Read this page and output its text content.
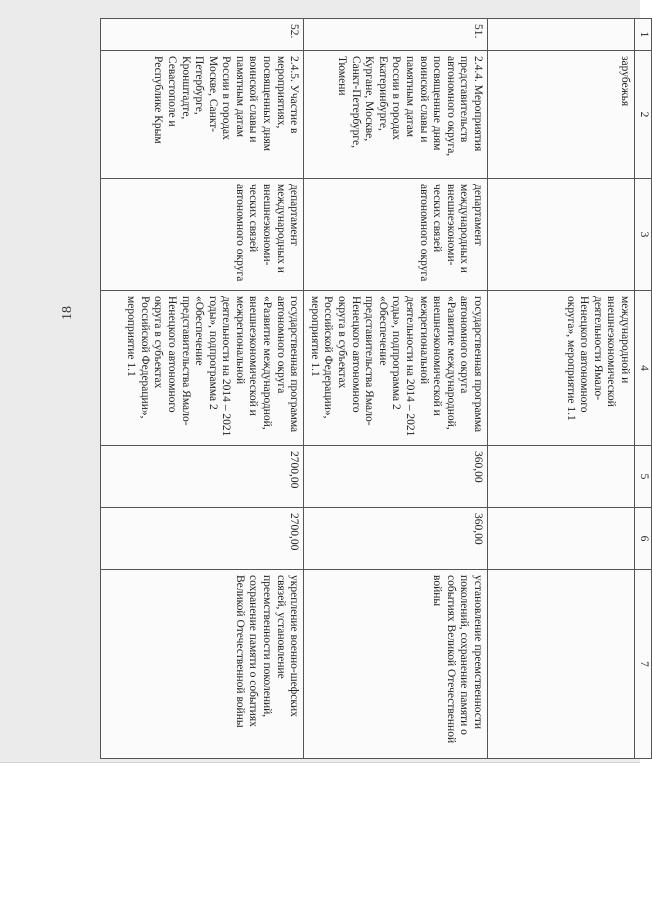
18
1	2	3	4	5	6	7
	зарубежья		международной и внешнеэкономической деятельности Ямало-Ненецкого автономного округа», мероприятие 1.1			
51.	2.4.4. Мероприятия представительств автономного округа, посвященные дням воинской славы и памятным датам России в городах Екатеринбурге, Кургане, Москве, Санкт-Петербурге, Тюмени	департамент международных и внешнеэкономи-ческих связей автономного округа	государственная программа автономного округа «Развитие международной, внешнеэкономической и межрегиональной деятельности на 2014 – 2021 годы», подпрограмма 2 «Обеспечение представительства Ямало-Ненецкого автономного округа в субъектах Российской Федерации», мероприятие 1.1	360,00	360,00	установление преемственности поколений, сохранение памяти о событиях Великой Отечественной войны
52.	2.4.5. Участие в мероприятиях, посвященных дням воинской славы и памятным датам России в городах Москве, Санкт-Петербурге, Кронштадте, Севастополе и Республике Крым	департамент международных и внешнеэкономи-ческих связей автономного округа	государственная программа автономного округа «Развитие международной, внешнеэкономической и межрегиональной деятельности на 2014 – 2021 годы», подпрограмма 2 «Обеспечение представительства Ямало-Ненецкого автономного округа в субъектах Российской Федерации», мероприятие 1.1	2700,00	2700,00	укрепление военно-шефских связей, установление преемственности поколений, сохранение памяти о событиях Великой Отечественной войны
